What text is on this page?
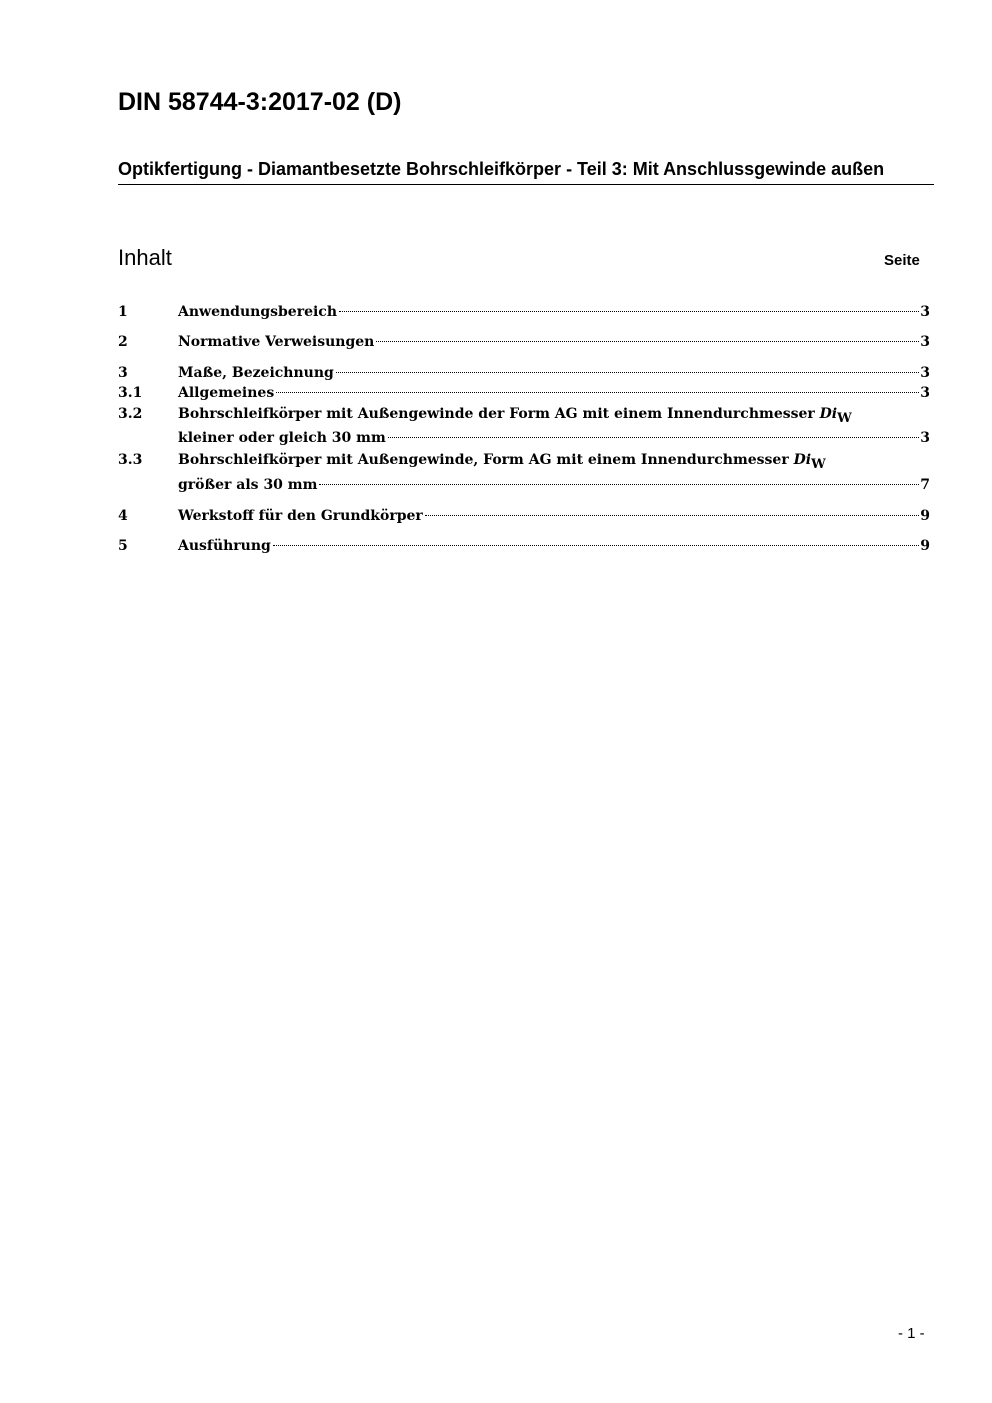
DIN 58744-3:2017-02 (D)
Optikfertigung - Diamantbesetzte Bohrschleifkörper - Teil 3: Mit Anschlussgewinde außen
Inhalt	Seite
1	Anwendungsbereich	3
2	Normative Verweisungen	3
3	Maße, Bezeichnung	3
3.1	Allgemeines	3
3.2	Bohrschleifkörper mit Außengewinde der Form AG mit einem Innendurchmesser DiW
kleiner oder gleich 30 mm	3
3.3	Bohrschleifkörper mit Außengewinde, Form AG mit einem Innendurchmesser DiW
größer als 30 mm	7
4	Werkstoff für den Grundkörper	9
5	Ausführung	9
- 1 -
